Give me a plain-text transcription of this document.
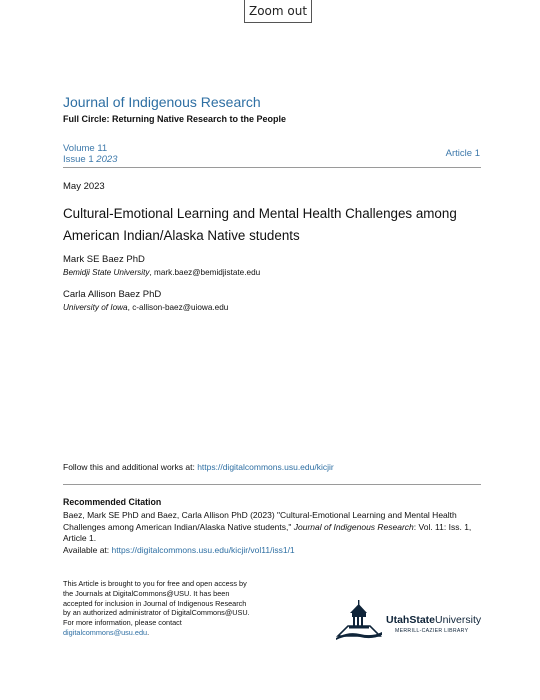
Zoom out
Journal of Indigenous Research
Full Circle: Returning Native Research to the People
Volume 11
Issue 1 2023
Article 1
May 2023
Cultural-Emotional Learning and Mental Health Challenges among American Indian/Alaska Native students
Mark SE Baez PhD
Bemidji State University, mark.baez@bemidjistate.edu
Carla Allison Baez PhD
University of Iowa, c-allison-baez@uiowa.edu
Follow this and additional works at: https://digitalcommons.usu.edu/kicjir
Recommended Citation
Baez, Mark SE PhD and Baez, Carla Allison PhD (2023) "Cultural-Emotional Learning and Mental Health Challenges among American Indian/Alaska Native students," Journal of Indigenous Research: Vol. 11: Iss. 1, Article 1.
Available at: https://digitalcommons.usu.edu/kicjir/vol11/iss1/1
This Article is brought to you for free and open access by
the Journals at DigitalCommons@USU. It has been
accepted for inclusion in Journal of Indigenous Research
by an authorized administrator of DigitalCommons@USU.
For more information, please contact
digitalcommons@usu.edu.
UtahStateUniversity
MERRILL-CAZIER LIBRARY
